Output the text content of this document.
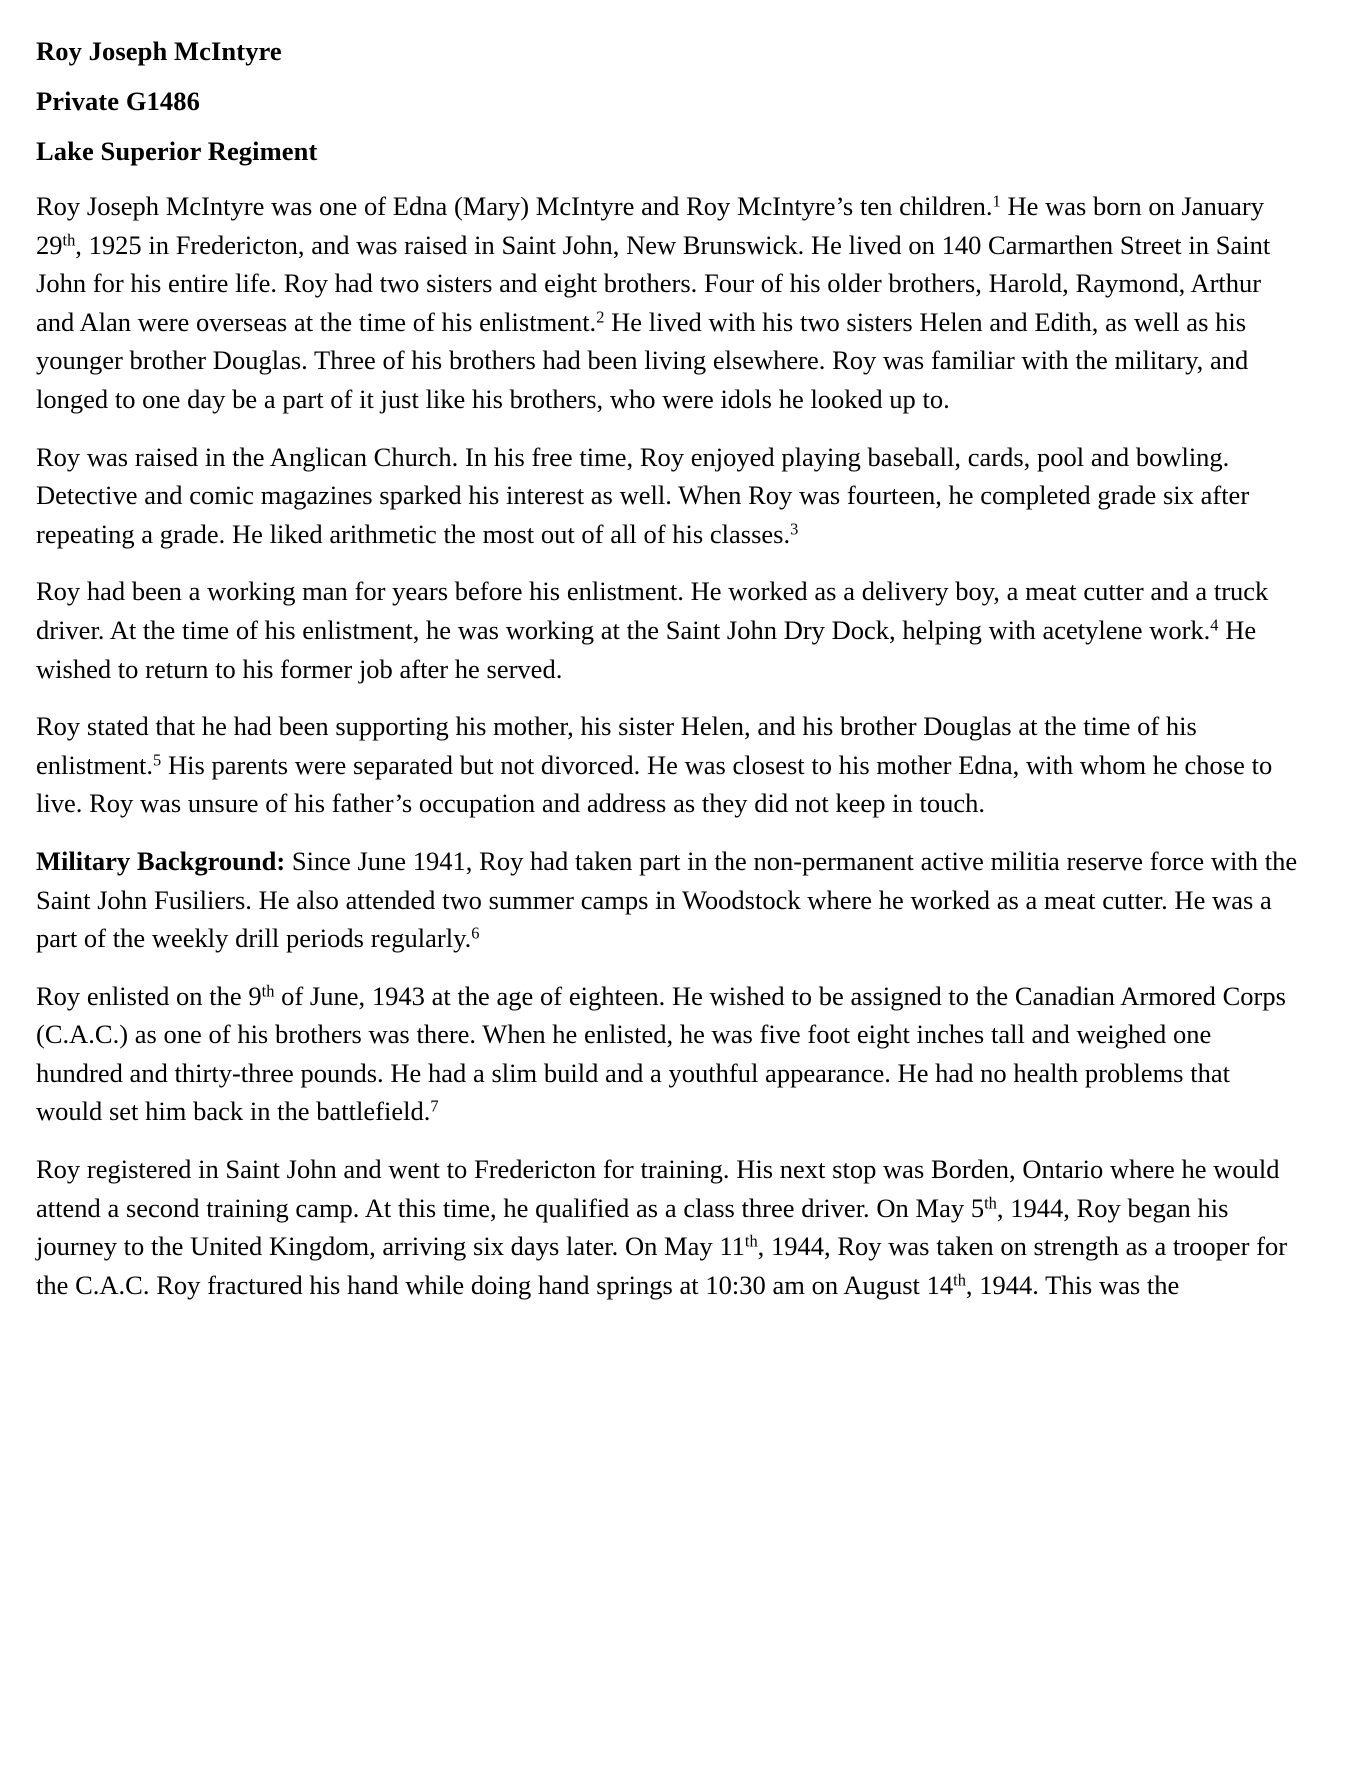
Roy Joseph McIntyre
Private G1486
Lake Superior Regiment

Roy Joseph McIntyre was one of Edna (Mary) McIntyre and Roy McIntyre’s ten children.$^1$ He was born on January 29th, 1925 in Fredericton, and was raised in Saint John, New Brunswick. He lived on 140 Carmarthen Street in Saint John for his entire life. Roy had two sisters and eight brothers. Four of his older brothers, Harold, Raymond, Arthur and Alan were overseas at the time of his enlistment.$^2$ He lived with his two sisters Helen and Edith, as well as his younger brother Douglas. Three of his brothers had been living elsewhere. Roy was familiar with the military, and longed to one day be a part of it just like his brothers, who were idols he looked up to.

Roy was raised in the Anglican Church. In his free time, Roy enjoyed playing baseball, cards, pool and bowling. Detective and comic magazines sparked his interest as well. When Roy was fourteen, he completed grade six after repeating a grade. He liked arithmetic the most out of all of his classes.$^3$

Roy had been a working man for years before his enlistment. He worked as a delivery boy, a meat cutter and a truck driver. At the time of his enlistment, he was working at the Saint John Dry Dock, helping with acetylene work.$^4$ He wished to return to his former job after he served.

Roy stated that he had been supporting his mother, his sister Helen, and his brother Douglas at the time of his enlistment.$^5$ His parents were separated but not divorced. He was closest to his mother Edna, with whom he chose to live. Roy was unsure of his father’s occupation and address as they did not keep in touch.

Military Background: Since June 1941, Roy had taken part in the non-permanent active militia reserve force with the Saint John Fusiliers. He also attended two summer camps in Woodstock where he worked as a meat cutter. He was a part of the weekly drill periods regularly.$^6$

Roy enlisted on the 9th of June, 1943 at the age of eighteen. He wished to be assigned to the Canadian Armored Corps (C.A.C.) as one of his brothers was there. When he enlisted, he was five foot eight inches tall and weighed one hundred and thirty-three pounds. He had a slim build and a youthful appearance. He had no health problems that would set him back in the battlefield.$^7$

Roy registered in Saint John and went to Fredericton for training. His next stop was Borden, Ontario where he would attend a second training camp. At this time, he qualified as a class three driver. On May 5th, 1944, Roy began his journey to the United Kingdom, arriving six days later. On May 11th, 1944, Roy was taken on strength as a trooper for the C.A.C. Roy fractured his hand while doing hand springs at 10:30 am on August 14th, 1944. This was the
